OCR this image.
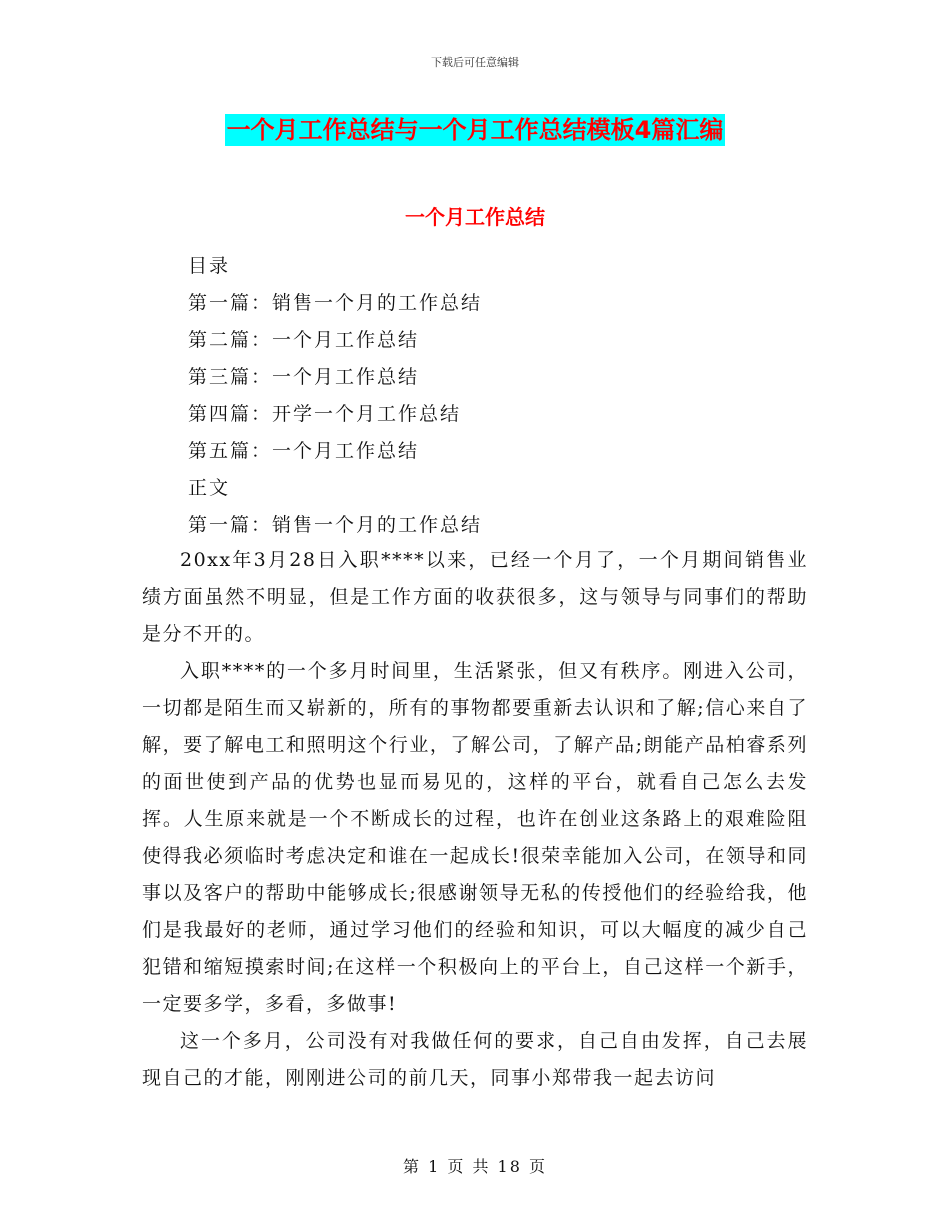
下载后可任意编辑
一个月工作总结与一个月工作总结模板4篇汇编
一个月工作总结
目录
第一篇：销售一个月的工作总结
第二篇：一个月工作总结
第三篇：一个月工作总结
第四篇：开学一个月工作总结
第五篇：一个月工作总结
正文
第一篇：销售一个月的工作总结

20xx年3月28日入职****以来，已经一个月了，一个月期间销售业绩方面虽然不明显，但是工作方面的收获很多，这与领导与同事们的帮助是分不开的。

入职****的一个多月时间里，生活紧张，但又有秩序。刚进入公司，一切都是陌生而又崭新的，所有的事物都要重新去认识和了解;信心来自了解，要了解电工和照明这个行业，了解公司，了解产品;朗能产品柏睿系列的面世使到产品的优势也显而易见的，这样的平台，就看自己怎么去发挥。人生原来就是一个不断成长的过程，也许在创业这条路上的艰难险阻使得我必须临时考虑决定和谁在一起成长!很荣幸能加入公司，在领导和同事以及客户的帮助中能够成长;很感谢领导无私的传授他们的经验给我，他们是我最好的老师，通过学习他们的经验和知识，可以大幅度的减少自己犯错和缩短摸索时间;在这样一个积极向上的平台上，自己这样一个新手，一定要多学，多看，多做事!

这一个多月，公司没有对我做任何的要求，自己自由发挥，自己去展现自己的才能，刚刚进公司的前几天，同事小郑带我一起去访问

第 1 页 共 18 页
